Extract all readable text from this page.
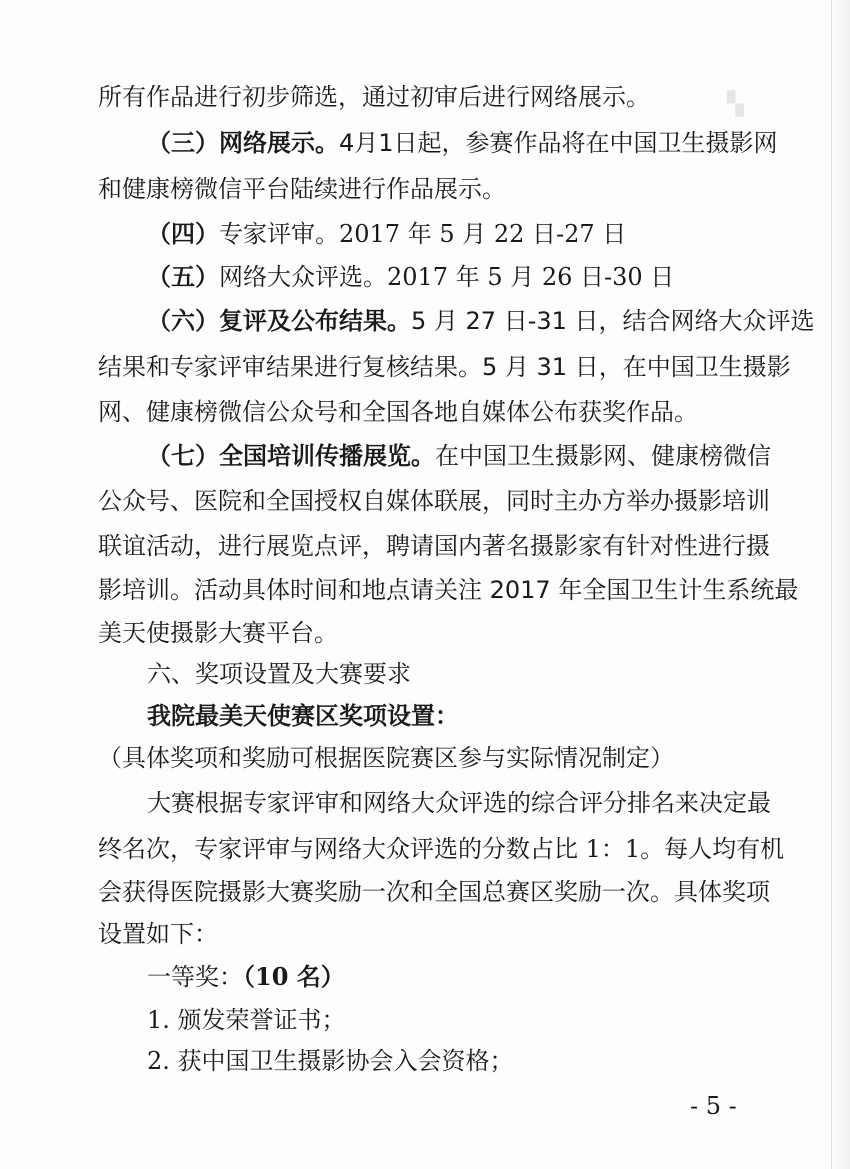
▚
所有作品进行初步筛选，通过初审后进行网络展示。
（三）网络展示。4月1日起，参赛作品将在中国卫生摄影网
和健康榜微信平台陆续进行作品展示。
（四）专家评审。2017 年 5 月 22 日-27 日
（五）网络大众评选。2017 年 5 月 26 日-30 日
（六）复评及公布结果。5 月 27 日-31 日，结合网络大众评选
结果和专家评审结果进行复核结果。5 月 31 日，在中国卫生摄影
网、健康榜微信公众号和全国各地自媒体公布获奖作品。
（七）全国培训传播展览。在中国卫生摄影网、健康榜微信
公众号、医院和全国授权自媒体联展，同时主办方举办摄影培训
联谊活动，进行展览点评，聘请国内著名摄影家有针对性进行摄
影培训。活动具体时间和地点请关注 2017 年全国卫生计生系统最
美天使摄影大赛平台。
六、奖项设置及大赛要求
我院最美天使赛区奖项设置：
（具体奖项和奖励可根据医院赛区参与实际情况制定）
大赛根据专家评审和网络大众评选的综合评分排名来决定最
终名次，专家评审与网络大众评选的分数占比 1：1。每人均有机
会获得医院摄影大赛奖励一次和全国总赛区奖励一次。具体奖项
设置如下：
一等奖：（10 名）
1. 颁发荣誉证书；
2. 获中国卫生摄影协会入会资格；
- 5 -
